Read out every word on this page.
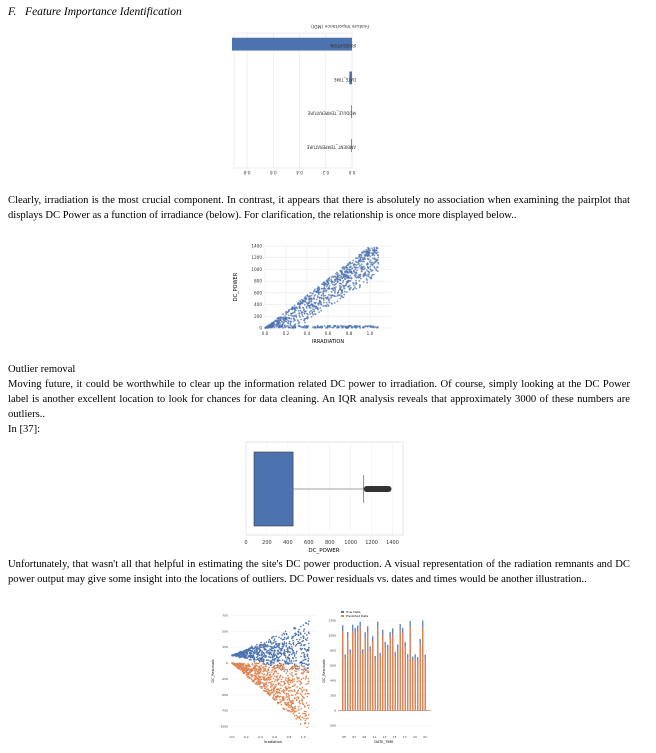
F. Feature Importance Identification
Feature Importance (MDI)
IRRADIATION
DATE_TIME
MODULE_TEMPERATURE
AMBIENT_TEMPERATURE
0.0
0.2
0.4
0.6
0.8
Clearly, irradiation is the most crucial component. In contrast, it appears that there is absolutely no association when examining the pairplot that displays DC Power as a function of irradiance (below). For clarification, the relationship is once more displayed below..
0
200
400
600
800
1000
1200
1400
0.0	0.2	0.4	0.6	0.8	1.0
IRRADIATION
DC_POWER
Outlier removal
Moving future, it could be worthwhile to clear up the information related DC power to irradiation. Of course, simply looking at the DC Power label is another excellent location to look for chances for data cleaning. An IQR analysis reveals that approximately 3000 of these numbers are outliers..
In [37]:
0	200 400 600 800 1000 1200 1400
DC_POWER
Unfortunately, that wasn't all that helpful in estimating the site's DC power production. A visual representation of the radiation remnants and DC power output may give some insight into the locations of outliers. DC Power residuals vs. dates and times would be another illustration..
750
500
250
0
-250
-500
-750
-1000
0.0	0.2	0.4	0.6	0.8	1.0
Irradiation
DC_Residuals
1200
1000
800
600
400
200
0
-200
05 07 09 11 13 15 17 19 21
True Data
Predicted Data
DATE_TIME
DC_Residuals
